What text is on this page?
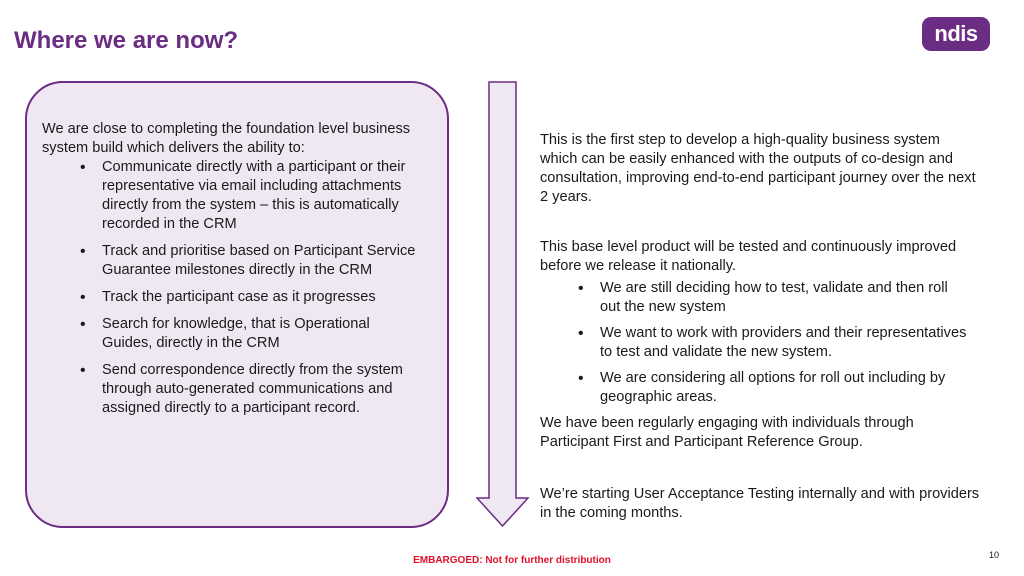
Where we are now?	ndis

We are close to completing the foundation level business system build which delivers the ability to:

• Communicate directly with a participant or their representative via email including attachments directly from the system – this is automatically recorded in the CRM
• Track and prioritise based on Participant Service Guarantee milestones directly in the CRM
• Track the participant case as it progresses
• Search for knowledge, that is Operational Guides, directly in the CRM
• Send correspondence directly from the system through auto-generated communications and assigned directly to a participant record.

This is the first step to develop a high-quality business system which can be easily enhanced with the outputs of co-design and consultation, improving end-to-end participant journey over the next 2 years.

This base level product will be tested and continuously improved before we release it nationally.

• We are still deciding how to test, validate and then roll out the new system
• We want to work with providers and their representatives to test and validate the new system.
• We are considering all options for roll out including by geographic areas.

We have been regularly engaging with individuals through Participant First and Participant Reference Group.

We’re starting User Acceptance Testing internally and with providers in the coming months.

EMBARGOED: Not for further distribution	10
